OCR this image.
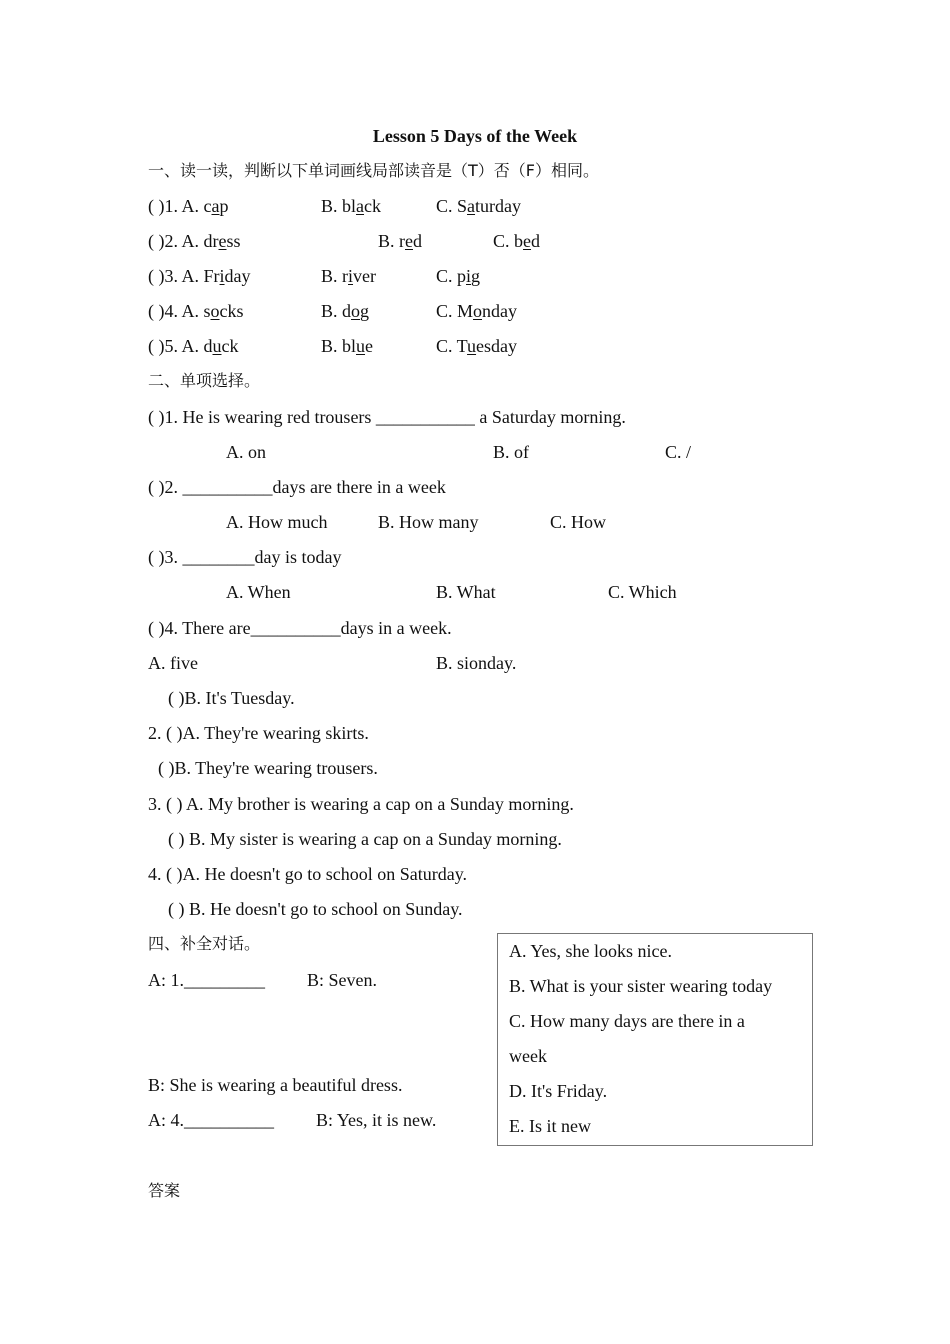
Lesson 5 Days of the Week
一、读一读，判断以下单词画线局部读音是（T）否（F）相同。
( )1. A. cap	B. black	C. Saturday
( )2. A. dress	B. red	C. bed
( )3. A. Friday	B. river	C. pig
( )4. A. socks	B. dog	C. Monday
( )5. A. duck	B. blue	C. Tuesday
二、单项选择。
( )1. He is wearing red trousers ___________ a Saturday morning.
A. on	B. of	C. /
( )2. __________days are there in a week
A. How much	B. How many	C. How
( )3. ________day is today
A. When	B. What	C. Which
( )4. There are__________days in a week.
A. five	B. sionday.
( )B. It's Tuesday.
2. ( )A. They're wearing skirts.
( )B. They're wearing trousers.
3. ( ) A. My brother is wearing a cap on a Sunday morning.
( ) B. My sister is wearing a cap on a Sunday morning.
4. ( )A. He doesn't go to school on Saturday.
( ) B. He doesn't go to school on Sunday.
四、补全对话。
A: 1._________ B: Seven.
B: She is wearing a beautiful dress.
A: 4.__________ B: Yes, it is new.
A. Yes, she looks nice.
B. What is your sister wearing today
C. How many days are there in a
week
D. It's Friday.
E. Is it new
答案
